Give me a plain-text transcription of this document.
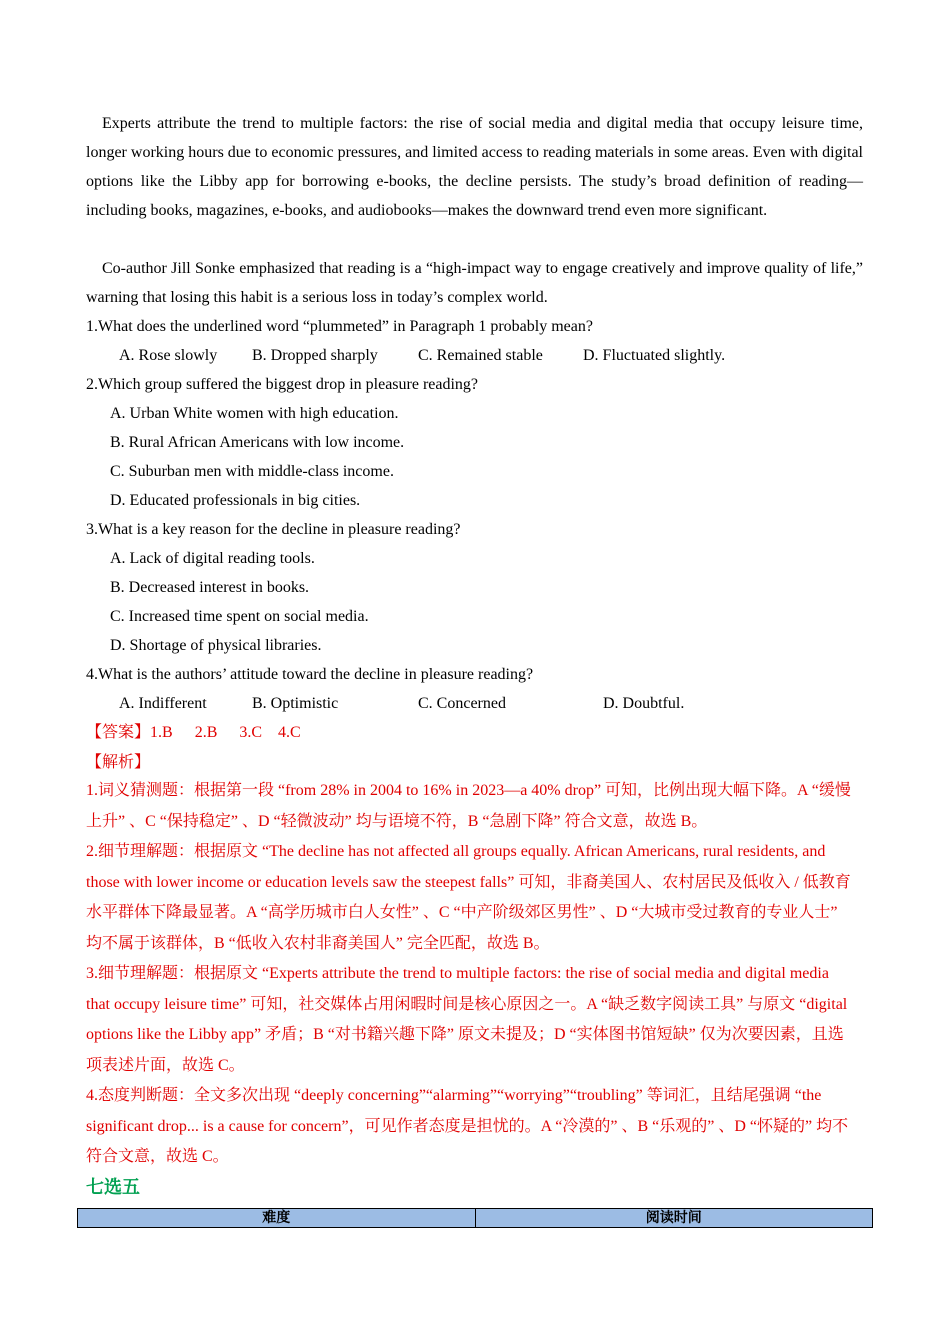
Experts attribute the trend to multiple factors: the rise of social media and digital media that occupy leisure time, longer working hours due to economic pressures, and limited access to reading materials in some areas. Even with digital options like the Libby app for borrowing e-books, the decline persists. The study’s broad definition of reading—including books, magazines, e-books, and audiobooks—makes the downward trend even more significant.
Co-author Jill Sonke emphasized that reading is a “high-impact way to engage creatively and improve quality of life,” warning that losing this habit is a serious loss in today’s complex world.
1.What does the underlined word “plummeted” in Paragraph 1 probably mean?
A. Rose slowly B. Dropped sharply	C. Remained stable	D. Fluctuated slightly.
2.Which group suffered the biggest drop in pleasure reading?
A. Urban White women with high education.
B. Rural African Americans with low income.
C. Suburban men with middle-class income.
D. Educated professionals in big cities.
3.What is a key reason for the decline in pleasure reading?
A. Lack of digital reading tools.
B. Decreased interest in books.
C. Increased time spent on social media.
D. Shortage of physical libraries.
4.What is the authors’ attitude toward the decline in pleasure reading?
A. Indifferent	B. Optimistic	C. Concerned	D. Doubtful.
【答案】1.B 2.B 3.C 4.C
【解析】

1.词义猜测题：根据第一段 “from 28% in 2004 to 16% in 2023—a 40% drop” 可知，比例出现大幅下降。A “缓慢上升” 、C “保持稳定” 、D “轻微波动” 均与语境不符，B “急剧下降” 符合文意，故选 B。

2.细节理解题：根据原文 “The decline has not affected all groups equally. African Americans, rural residents, and those with lower income or education levels saw the steepest falls” 可知，非裔美国人、农村居民及低收入 / 低教育水平群体下降最显著。A “高学历城市白人女性” 、C “中产阶级郊区男性” 、D “大城市受过教育的专业人士” 均不属于该群体，B “低收入农村非裔美国人” 完全匹配，故选 B。

3.细节理解题：根据原文 “Experts attribute the trend to multiple factors: the rise of social media and digital media that occupy leisure time” 可知，社交媒体占用闲暇时间是核心原因之一。A “缺乏数字阅读工具” 与原文 “digital options like the Libby app” 矛盾；B “对书籍兴趣下降” 原文未提及；D “实体图书馆短缺” 仅为次要因素，且选项表述片面，故选 C。

4.态度判断题：全文多次出现 “deeply concerning”“alarming”“worrying”“troubling” 等词汇，且结尾强调 “the significant drop... is a cause for concern”，可见作者态度是担忧的。A “冷漠的” 、B “乐观的” 、D “怀疑的” 均不符合文意，故选 C。

七选五
难度	阅读时间
